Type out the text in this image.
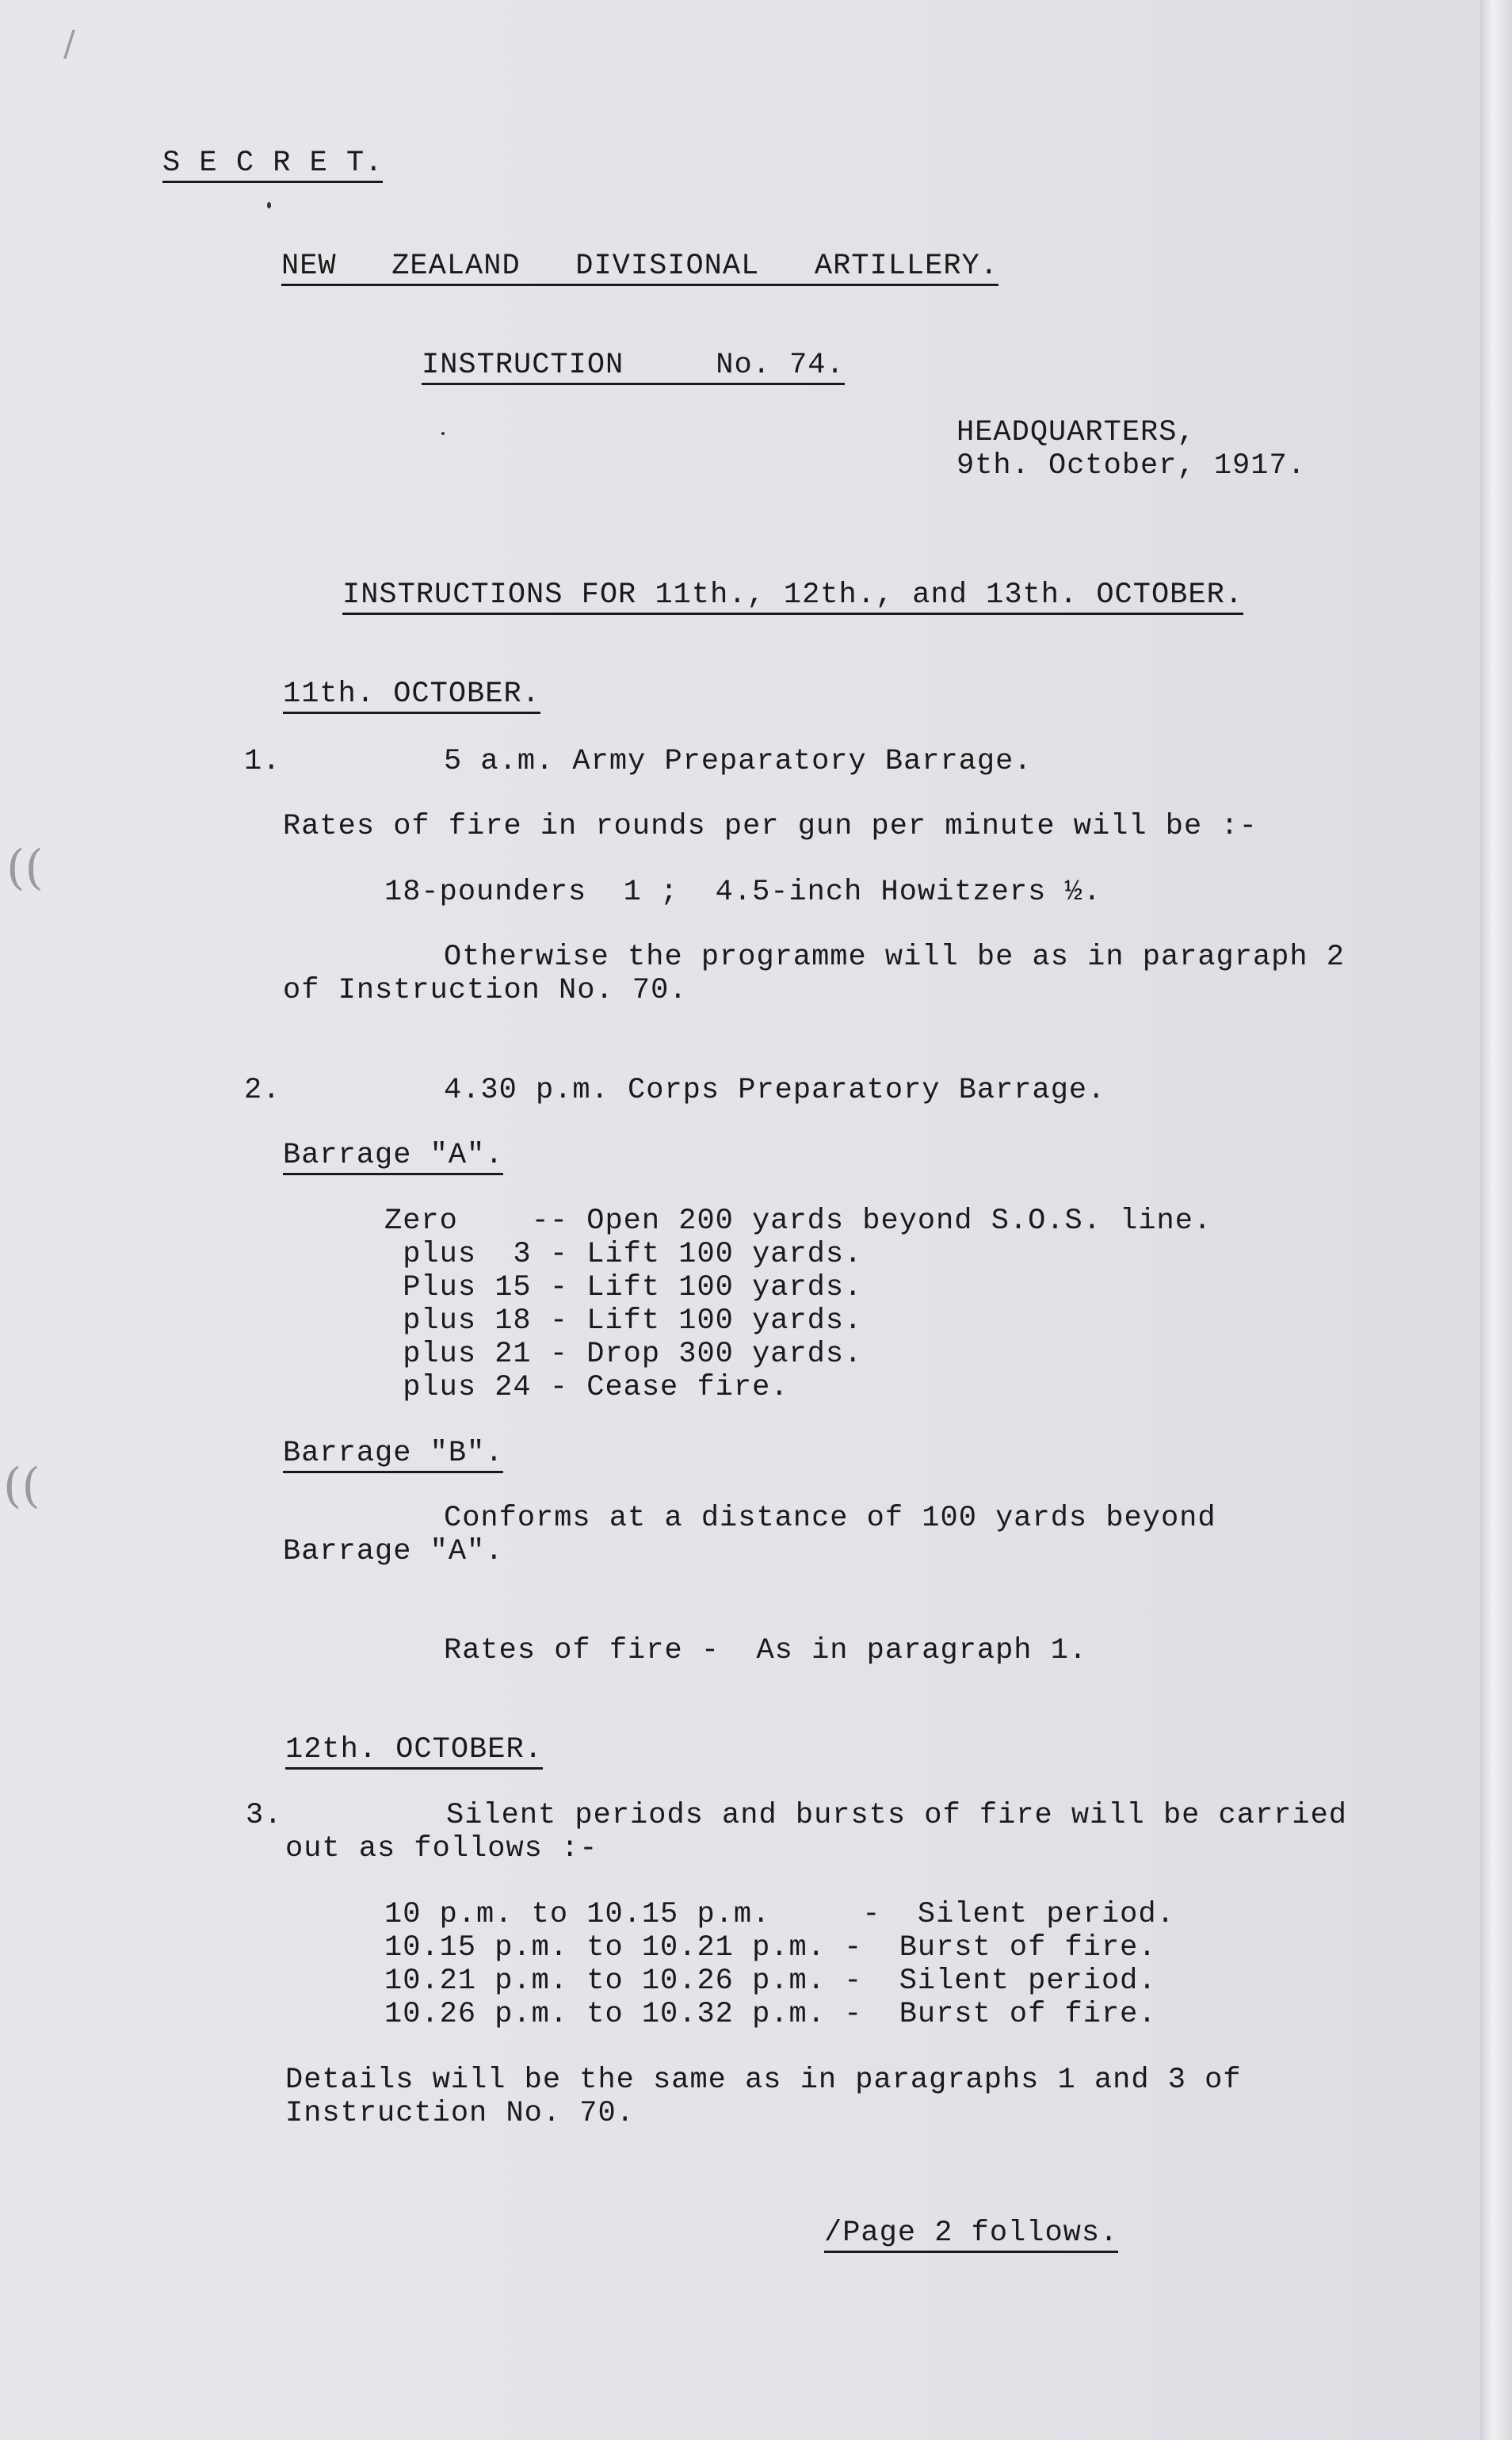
/
((
((
S E C R E T.
NEW   ZEALAND   DIVISIONAL   ARTILLERY.
INSTRUCTION     No. 74.
HEADQUARTERS,
9th. October, 1917.
INSTRUCTIONS FOR 11th., 12th., and 13th. OCTOBER.
11th. OCTOBER.
1.	5 a.m. Army Preparatory Barrage.
Rates of fire in rounds per gun per minute will be :-
18-pounders  1 ;  4.5-inch Howitzers ½.
Otherwise the programme will be as in paragraph 2
of Instruction No. 70.
2.	4.30 p.m. Corps Preparatory Barrage.
Barrage "A".
Zero    -- Open 200 yards beyond S.O.S. line.
plus  3 - Lift 100 yards.
Plus 15 - Lift 100 yards.
plus 18 - Lift 100 yards.
plus 21 - Drop 300 yards.
plus 24 - Cease fire.
Barrage "B".
Conforms at a distance of 100 yards beyond
Barrage "A".
Rates of fire -  As in paragraph 1.
12th. OCTOBER.
3.	Silent periods and bursts of fire will be carried
out as follows :-
10 p.m. to 10.15 p.m.     -  Silent period.
10.15 p.m. to 10.21 p.m. -  Burst of fire.
10.21 p.m. to 10.26 p.m. -  Silent period.
10.26 p.m. to 10.32 p.m. -  Burst of fire.
Details will be the same as in paragraphs 1 and 3 of
Instruction No. 70.
/Page 2 follows.
